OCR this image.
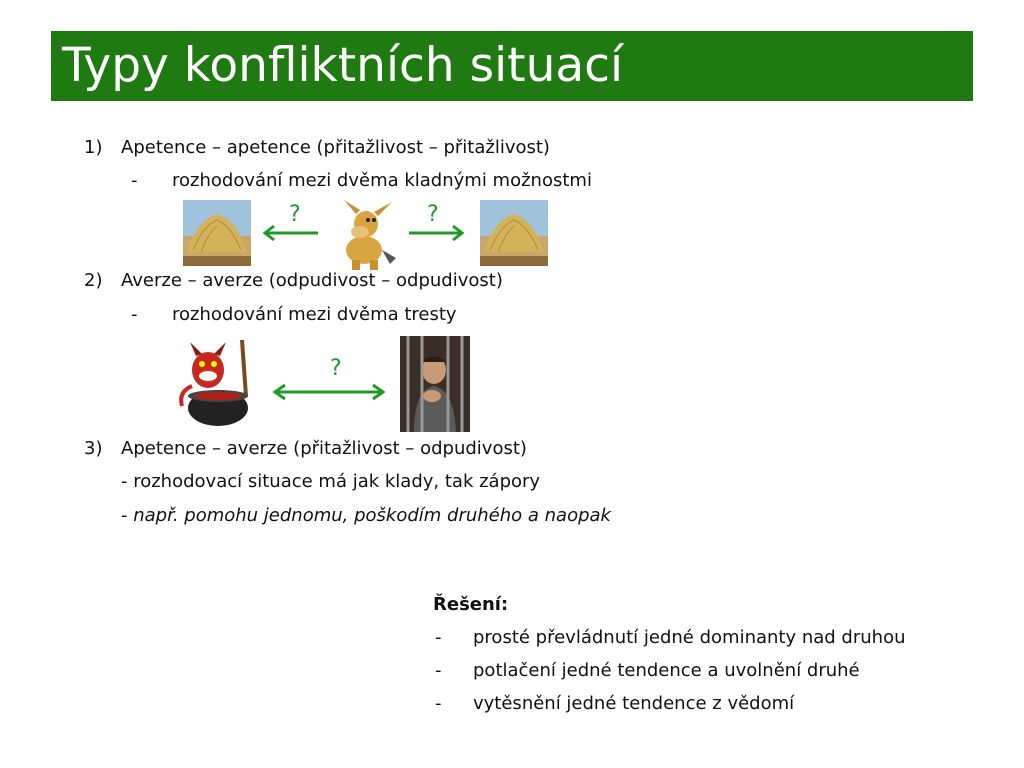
Typy konfliktních situací
1) Apetence – apetence (přitažlivost – přitažlivost)
- rozhodování mezi dvěma kladnými možnostmi
?	?
2) Averze – averze (odpudivost – odpudivost)
- rozhodování mezi dvěma tresty
?
3) Apetence – averze (přitažlivost – odpudivost)
- rozhodovací situace má jak klady, tak zápory
- např. pomohu jednomu, poškodím druhého a naopak
Řešení:
- prosté převládnutí jedné dominanty nad druhou
- potlačení jedné tendence a uvolnění druhé
- vytěsnění jedné tendence z vědomí
